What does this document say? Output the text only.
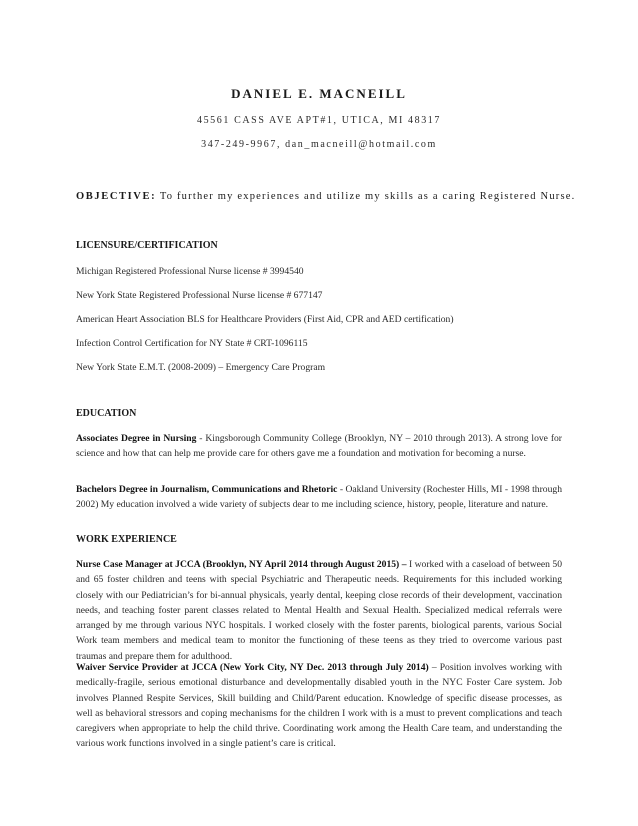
DANIEL E. MACNEILL
45561 CASS AVE APT#1, UTICA, MI 48317
347-249-9967, dan_macneill@hotmail.com
OBJECTIVE: To further my experiences and utilize my skills as a caring Registered Nurse.
LICENSURE/CERTIFICATION
Michigan Registered Professional Nurse license # 3994540
New York State Registered Professional Nurse license # 677147
American Heart Association BLS for Healthcare Providers (First Aid, CPR and AED certification)
Infection Control Certification for NY State # CRT-1096115
New York State E.M.T. (2008-2009) – Emergency Care Program
EDUCATION
Associates Degree in Nursing - Kingsborough Community College (Brooklyn, NY – 2010 through 2013). A strong love for science and how that can help me provide care for others gave me a foundation and motivation for becoming a nurse.
Bachelors Degree in Journalism, Communications and Rhetoric - Oakland University (Rochester Hills, MI - 1998 through 2002) My education involved a wide variety of subjects dear to me including science, history, people, literature and nature.
WORK EXPERIENCE
Nurse Case Manager at JCCA (Brooklyn, NY April 2014 through August 2015) – I worked with a caseload of between 50 and 65 foster children and teens with special Psychiatric and Therapeutic needs. Requirements for this included working closely with our Pediatrician’s for bi-annual physicals, yearly dental, keeping close records of their development, vaccination needs, and teaching foster parent classes related to Mental Health and Sexual Health. Specialized medical referrals were arranged by me through various NYC hospitals. I worked closely with the foster parents, biological parents, various Social Work team members and medical team to monitor the functioning of these teens as they tried to overcome various past traumas and prepare them for adulthood.
Waiver Service Provider at JCCA (New York City, NY Dec. 2013 through July 2014) – Position involves working with medically-fragile, serious emotional disturbance and developmentally disabled youth in the NYC Foster Care system. Job involves Planned Respite Services, Skill building and Child/Parent education. Knowledge of specific disease processes, as well as behavioral stressors and coping mechanisms for the children I work with is a must to prevent complications and teach caregivers when appropriate to help the child thrive. Coordinating work among the Health Care team, and understanding the various work functions involved in a single patient’s care is critical.
